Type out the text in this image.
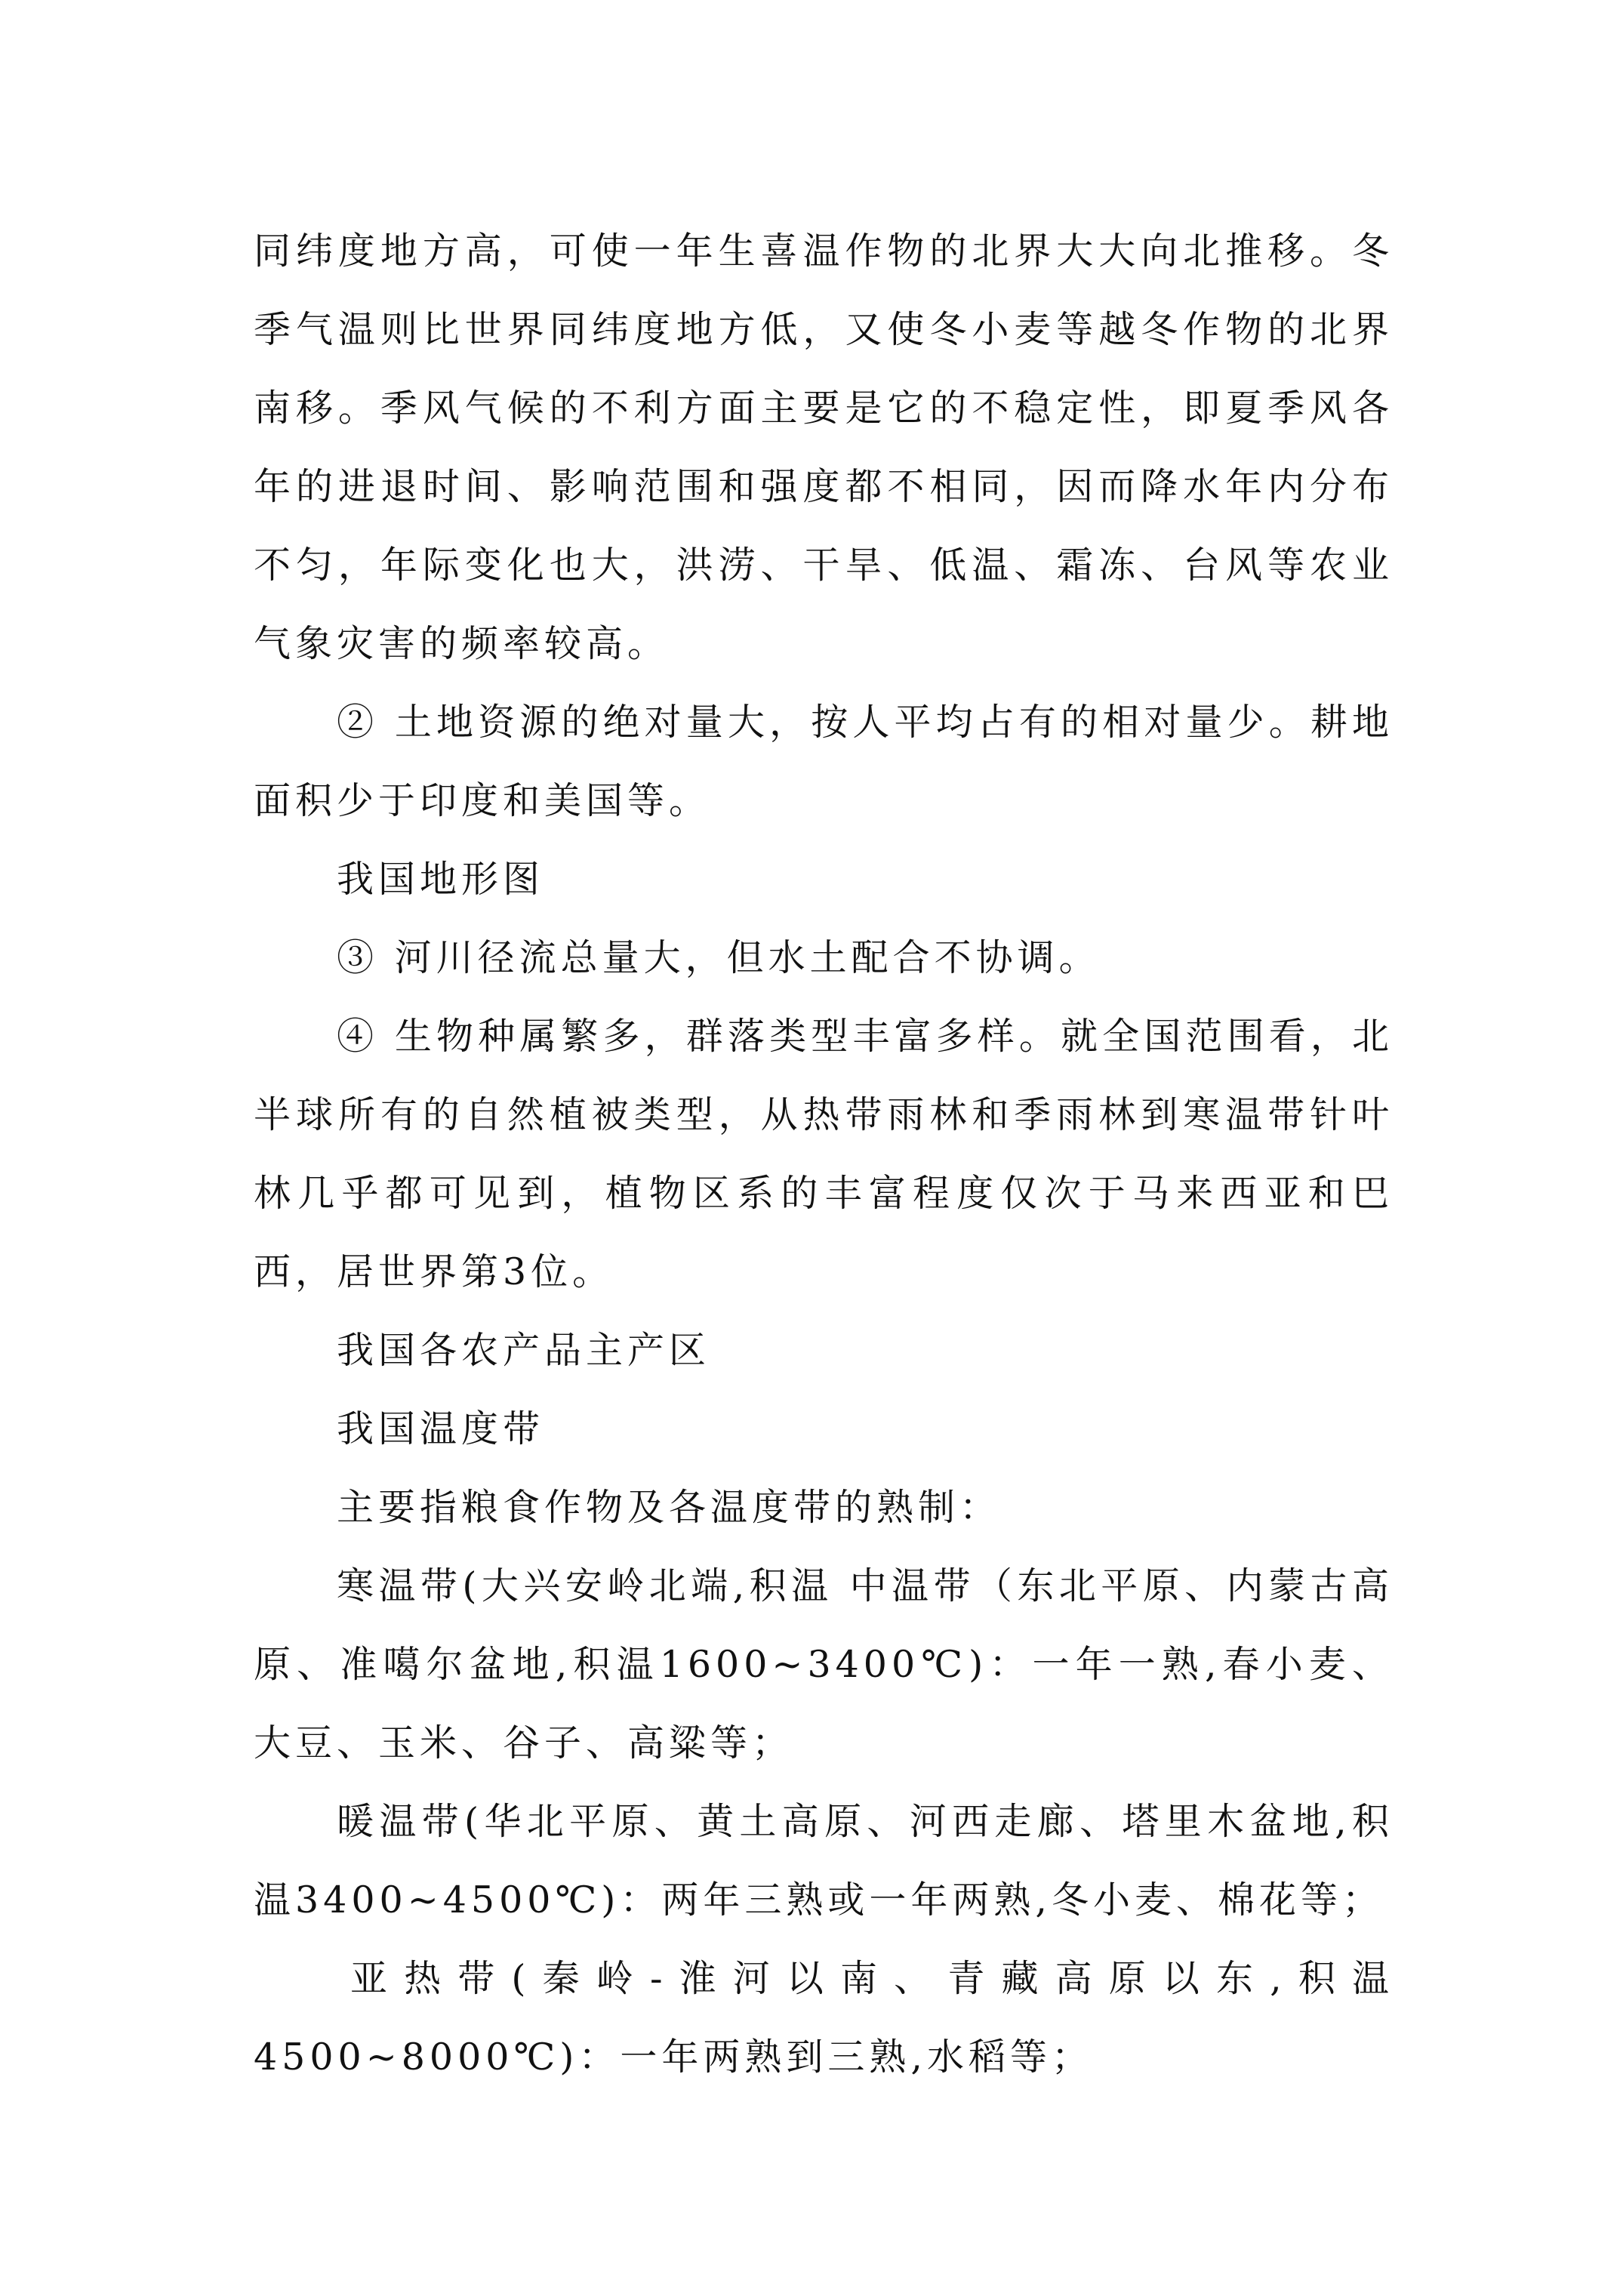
同纬度地方高，可使一年生喜温作物的北界大大向北推移。冬季气温则比世界同纬度地方低，又使冬小麦等越冬作物的北界南移。季风气候的不利方面主要是它的不稳定性，即夏季风各年的进退时间、影响范围和强度都不相同，因而降水年内分布不匀，年际变化也大，洪涝、干旱、低温、霜冻、台风等农业气象灾害的频率较高。

② 土地资源的绝对量大，按人平均占有的相对量少。耕地面积少于印度和美国等。

我国地形图

③ 河川径流总量大，但水土配合不协调。

④ 生物种属繁多，群落类型丰富多样。就全国范围看，北半球所有的自然植被类型，从热带雨林和季雨林到寒温带针叶林几乎都可见到，植物区系的丰富程度仅次于马来西亚和巴西，居世界第3位。

我国各农产品主产区

我国温度带

主要指粮食作物及各温度带的熟制：

寒温带(大兴安岭北端,积温 中温带（东北平原、内蒙古高原、准噶尔盆地,积温1600~3400℃)：一年一熟,春小麦、大豆、玉米、谷子、高粱等；

暖温带(华北平原、黄土高原、河西走廊、塔里木盆地,积温3400~4500℃)：两年三熟或一年两熟,冬小麦、棉花等；

亚热带(秦岭-淮河以南、青藏高原以东,积温4500~8000℃)：一年两熟到三熟,水稻等；
